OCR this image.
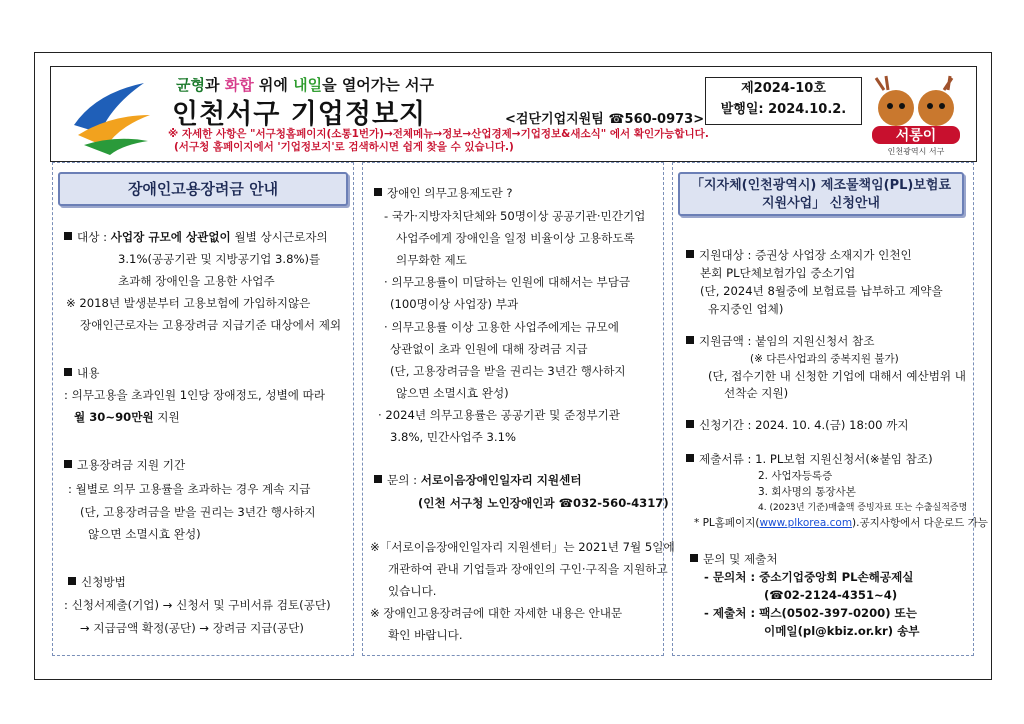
균형과 화합 위에 내일을 열어가는 서구
인천서구 기업정보지	<검단기업지원팀 ☎560-0973>
※ 자세한 사항은 "서구청홈페이지(소통1번가)→전체메뉴→정보→산업경제→기업정보&새소식" 에서 확인가능합니다.
(서구청 홈페이지에서 '기업정보지'로 검색하시면 쉽게 찾을 수 있습니다.)
제2024-10호
발행일: 2024.10.2.
서롱이
인천광역시 서구
장애인고용장려금 안내
대상 : 사업장 규모에 상관없이 월별 상시근로자의
3.1%(공공기관 및 지방공기업 3.8%)를
초과해 장애인을 고용한 사업주
※ 2018년 발생분부터 고용보험에 가입하지않은
장애인근로자는 고용장려금 지급기준 대상에서 제외
내용
: 의무고용을 초과인원 1인당 장애정도, 성별에 따라
월 30~90만원 지원
고용장려금 지원 기간
: 월별로 의무 고용률을 초과하는 경우 계속 지급
(단, 고용장려금을 받을 권리는 3년간 행사하지
않으면 소멸시효 완성)
신청방법
: 신청서제출(기업) → 신청서 및 구비서류 검토(공단)
→ 지급금액 확정(공단) → 장려금 지급(공단)
장애인 의무고용제도란 ?
- 국가·지방자치단체와 50명이상 공공기관·민간기업
사업주에게 장애인을 일정 비율이상 고용하도록
의무화한 제도
· 의무고용률이 미달하는 인원에 대해서는 부담금
(100명이상 사업장) 부과
· 의무고용률 이상 고용한 사업주에게는 규모에
상관없이 초과 인원에 대해 장려금 지급
(단, 고용장려금을 받을 권리는 3년간 행사하지
않으면 소멸시효 완성)
· 2024년 의무고용률은 공공기관 및 준정부기관
3.8%, 민간사업주 3.1%
문의 : 서로이음장애인일자리 지원센터
(인천 서구청 노인장애인과 ☎032-560-4317)
※「서로이음장애인일자리 지원센터」는 2021년 7월 5일에
개관하여 관내 기업들과 장애인의 구인·구직을 지원하고
있습니다.
※ 장애인고용장려금에 대한 자세한 내용은 안내문
확인 바랍니다.
「지자체(인천광역시) 제조물책임(PL)보험료
지원사업」 신청안내
지원대상 : 증권상 사업장 소재지가 인천인
본회 PL단체보험가입 중소기업
(단, 2024년 8월중에 보험료를 납부하고 계약을
유지중인 업체)
지원금액 : 붙임의 지원신청서 참조
(※ 다른사업과의 중복지원 불가)
(단, 접수기한 내 신청한 기업에 대해서 예산범위 내
선착순 지원)
신청기간 : 2024. 10. 4.(금) 18:00 까지
제출서류 : 1. PL보험 지원신청서(※붙임 참조)
2. 사업자등록증
3. 회사명의 통장사본
4. (2023년 기준)매출액 증빙자료 또는 수출실적증명
* PL홈페이지(www.plkorea.com).공지사항에서 다운로드 가능
문의 및 제출처
- 문의처 : 중소기업중앙회 PL손해공제실
(☎02-2124-4351~4)
- 제출처 : 팩스(0502-397-0200) 또는
이메일(pl@kbiz.or.kr) 송부
